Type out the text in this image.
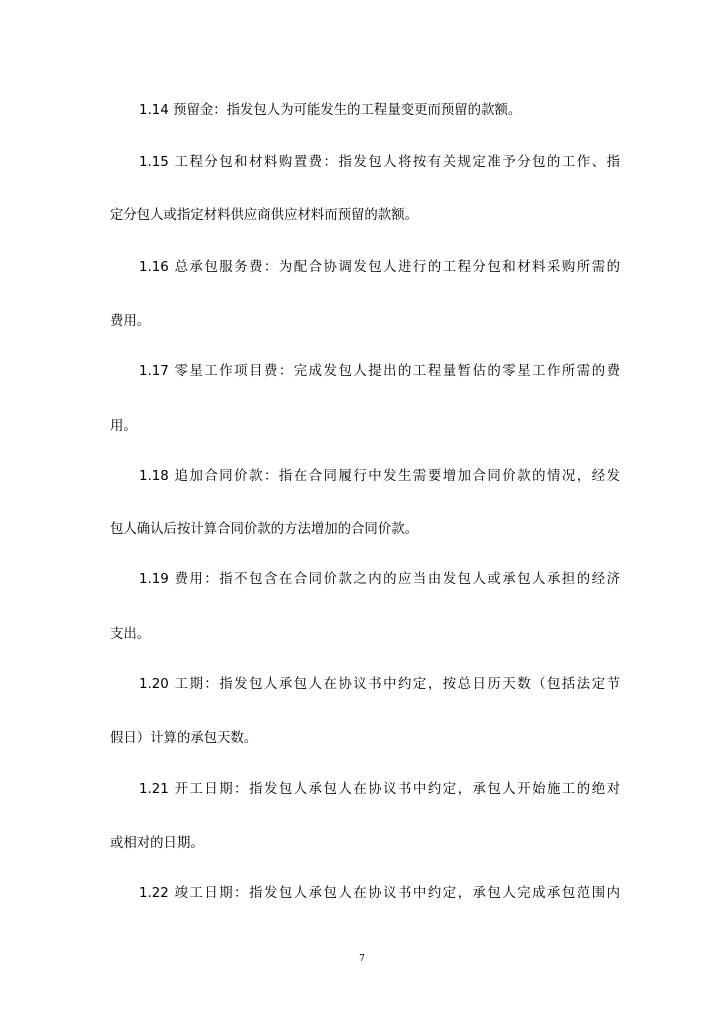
1.14 预留金：指发包人为可能发生的工程量变更而预留的款额。
1.15 工程分包和材料购置费：指发包人将按有关规定准予分包的工作、指
定分包人或指定材料供应商供应材料而预留的款额。
1.16 总承包服务费：为配合协调发包人进行的工程分包和材料采购所需的
费用。
1.17 零星工作项目费：完成发包人提出的工程量暂估的零星工作所需的费
用。
1.18 追加合同价款：指在合同履行中发生需要增加合同价款的情况，经发
包人确认后按计算合同价款的方法增加的合同价款。
1.19 费用：指不包含在合同价款之内的应当由发包人或承包人承担的经济
支出。
1.20 工期：指发包人承包人在协议书中约定，按总日历天数（包括法定节
假日）计算的承包天数。
1.21 开工日期：指发包人承包人在协议书中约定，承包人开始施工的绝对
或相对的日期。
1.22 竣工日期：指发包人承包人在协议书中约定，承包人完成承包范围内
7
